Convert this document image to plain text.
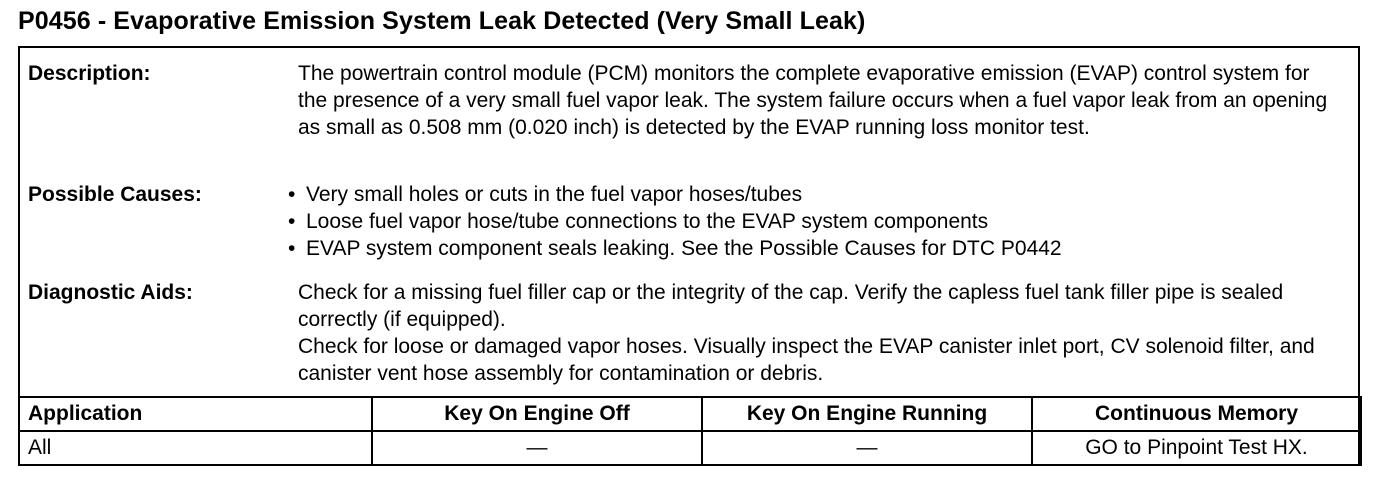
P0456 - Evaporative Emission System Leak Detected (Very Small Leak)
Description:	The powertrain control module (PCM) monitors the complete evaporative emission (EVAP) control system for the presence of a very small fuel vapor leak. The system failure occurs when a fuel vapor leak from an opening as small as 0.508 mm (0.020 inch) is detected by the EVAP running loss monitor test.

Possible Causes:	• Very small holes or cuts in the fuel vapor hoses/tubes
• Loose fuel vapor hose/tube connections to the EVAP system components
• EVAP system component seals leaking. See the Possible Causes for DTC P0442
Diagnostic Aids:	Check for a missing fuel filler cap or the integrity of the cap. Verify the capless fuel tank filler pipe is sealed correctly (if equipped).

Check for loose or damaged vapor hoses. Visually inspect the EVAP canister inlet port, CV solenoid filter, and canister vent hose assembly for contamination or debris.

Application	Key On Engine Off	Key On Engine Running	Continuous Memory
All	—	—	GO to Pinpoint Test HX.
